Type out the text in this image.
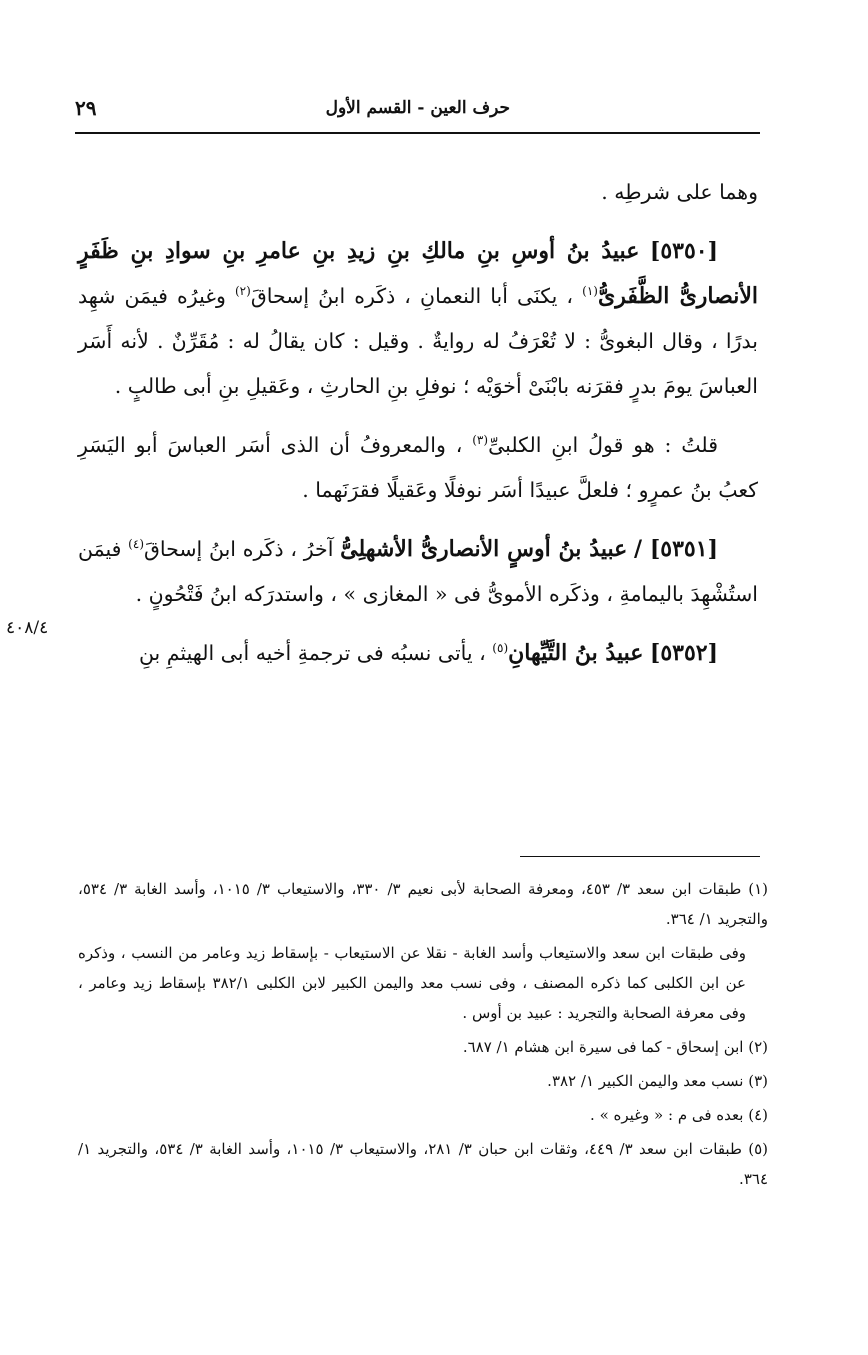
حرف العين - القسم الأول
٢٩
٤٠٨/٤

وهما على شرطِه .

[٥٣٥٠] عبيدُ بنُ أوسِ بنِ مالكِ بنِ زيدِ بنِ عامرِ بنِ سوادِ بنِ ظَفَرٍ الأنصارىُّ الظَّفَرىُّ$^{(١)}$ ، يكنَى أبا النعمانِ ، ذكَره ابنُ إسحاقَ$^{(٢)}$ وغيرُه فيمَن شهِد بدرًا ، وقال البغوىُّ : لا تُعْرَفُ له روايةٌ . وقيل : كان يقالُ له : مُقَرِّنٌ . لأنه أَسَر العباسَ يومَ بدرٍ فقرَنه بابْنَىْ أخوَيْه ؛ نوفلِ بنِ الحارثِ ، وعَقيلِ بنِ أبى طالبٍ .

قلتُ : هو قولُ ابنِ الكلبىِّ$^{(٣)}$ ، والمعروفُ أن الذى أسَر العباسَ أبو اليَسَرِ كعبُ بنُ عمرٍو ؛ فلعلَّ عبيدًا أسَر نوفلًا وعَقيلًا فقرَنَهما .

[٥٣٥١] / عبيدُ بنُ أوسٍ الأنصارىُّ الأشهلِىُّ آخرُ ، ذكَره ابنُ إسحاقَ$^{(٤)}$ فيمَن استُشْهِدَ باليمامةِ ، وذكَره الأموىُّ فى « المغازى » ، واستدرَكه ابنُ فَتْحُونٍ .

[٥٣٥٢] عبيدُ بنُ التَّيِّهانِ$^{(٥)}$ ، يأتى نسبُه فى ترجمةِ أخيه أبى الهيثمِ بنِ

(١) طبقات ابن سعد ٣/ ٤٥٣، ومعرفة الصحابة لأبى نعيم ٣/ ٣٣٠، والاستيعاب ٣/ ١٠١٥، وأسد الغابة ٣/ ٥٣٤، والتجريد ١/ ٣٦٤.

وفى طبقات ابن سعد والاستيعاب وأسد الغابة - نقلا عن الاستيعاب - بإسقاط زيد وعامر من النسب ، وذكره عن ابن الكلبى كما ذكره المصنف ، وفى نسب معد واليمن الكبير لابن الكلبى ٣٨٢/١ بإسقاط زيد وعامر ، وفى معرفة الصحابة والتجريد : عبيد بن أوس .

(٢) ابن إسحاق - كما فى سيرة ابن هشام ١/ ٦٨٧.

(٣) نسب معد واليمن الكبير ١/ ٣٨٢.

(٤) بعده فى م : « وغيره » .

(٥) طبقات ابن سعد ٣/ ٤٤٩، وثقات ابن حبان ٣/ ٢٨١، والاستيعاب ٣/ ١٠١٥، وأسد الغابة ٣/ ٥٣٤، والتجريد ١/ ٣٦٤.
